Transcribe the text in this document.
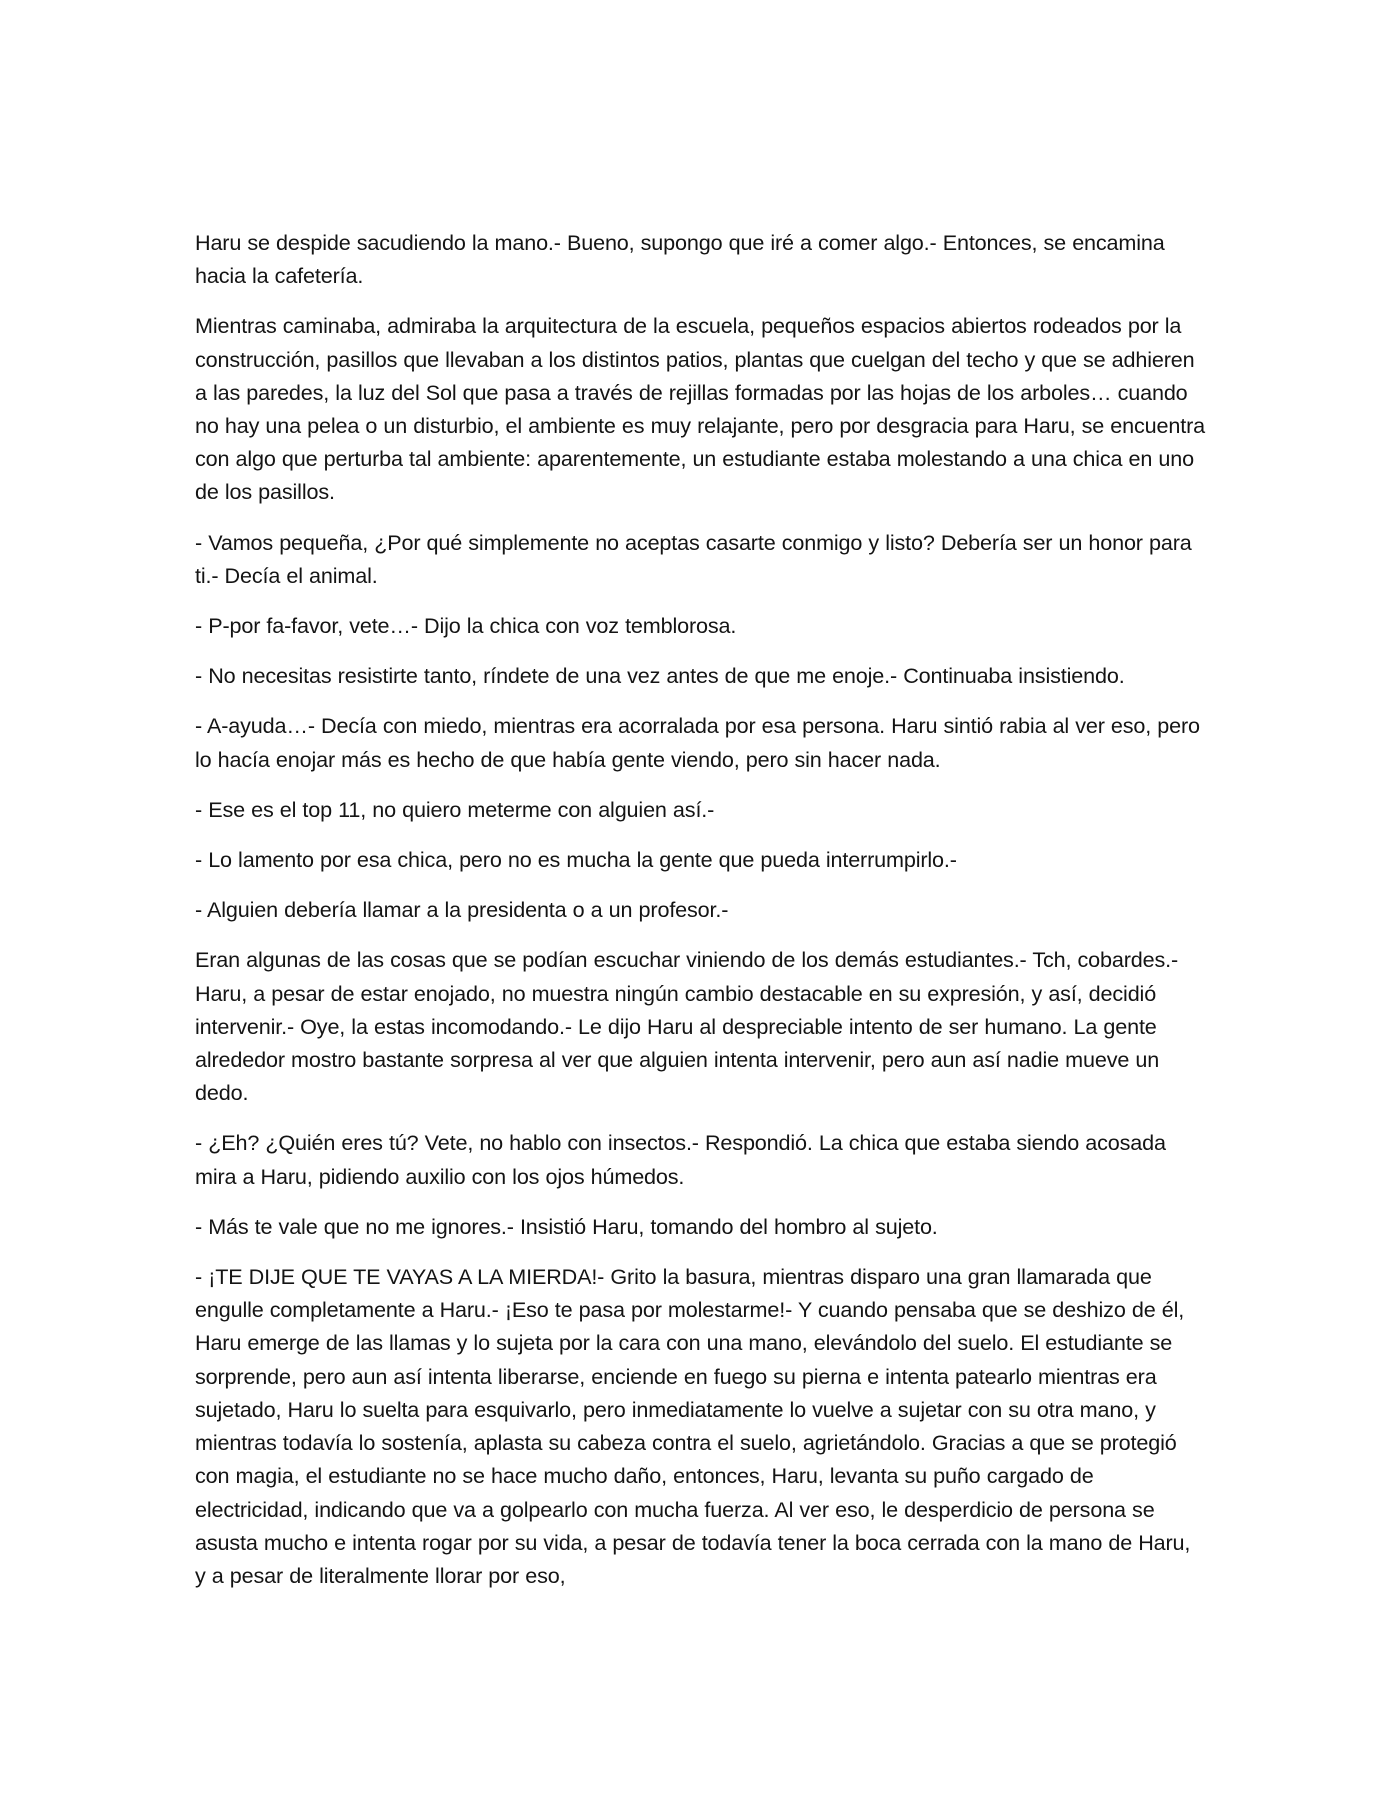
Haru se despide sacudiendo la mano.- Bueno, supongo que iré a comer algo.- Entonces, se encamina hacia la cafetería.

Mientras caminaba, admiraba la arquitectura de la escuela, pequeños espacios abiertos rodeados por la construcción, pasillos que llevaban a los distintos patios, plantas que cuelgan del techo y que se adhieren a las paredes, la luz del Sol que pasa a través de rejillas formadas por las hojas de los arboles… cuando no hay una pelea o un disturbio, el ambiente es muy relajante, pero por desgracia para Haru, se encuentra con algo que perturba tal ambiente: aparentemente, un estudiante estaba molestando a una chica en uno de los pasillos.

- Vamos pequeña, ¿Por qué simplemente no aceptas casarte conmigo y listo? Debería ser un honor para ti.- Decía el animal.

- P-por fa-favor, vete…- Dijo la chica con voz temblorosa.

- No necesitas resistirte tanto, ríndete de una vez antes de que me enoje.- Continuaba insistiendo.

- A-ayuda…- Decía con miedo, mientras era acorralada por esa persona. Haru sintió rabia al ver eso, pero lo hacía enojar más es hecho de que había gente viendo, pero sin hacer nada.

- Ese es el top 11, no quiero meterme con alguien así.-

- Lo lamento por esa chica, pero no es mucha la gente que pueda interrumpirlo.-

- Alguien debería llamar a la presidenta o a un profesor.-

Eran algunas de las cosas que se podían escuchar viniendo de los demás estudiantes.- Tch, cobardes.- Haru, a pesar de estar enojado, no muestra ningún cambio destacable en su expresión, y así, decidió intervenir.- Oye, la estas incomodando.- Le dijo Haru al despreciable intento de ser humano. La gente alrededor mostro bastante sorpresa al ver que alguien intenta intervenir, pero aun así nadie mueve un dedo.

- ¿Eh? ¿Quién eres tú? Vete, no hablo con insectos.- Respondió. La chica que estaba siendo acosada mira a Haru, pidiendo auxilio con los ojos húmedos.

- Más te vale que no me ignores.- Insistió Haru, tomando del hombro al sujeto.

- ¡TE DIJE QUE TE VAYAS A LA MIERDA!- Grito la basura, mientras disparo una gran llamarada que engulle completamente a Haru.- ¡Eso te pasa por molestarme!- Y cuando pensaba que se deshizo de él, Haru emerge de las llamas y lo sujeta por la cara con una mano, elevándolo del suelo. El estudiante se sorprende, pero aun así intenta liberarse, enciende en fuego su pierna e intenta patearlo mientras era sujetado, Haru lo suelta para esquivarlo, pero inmediatamente lo vuelve a sujetar con su otra mano, y mientras todavía lo sostenía, aplasta su cabeza contra el suelo, agrietándolo. Gracias a que se protegió con magia, el estudiante no se hace mucho daño, entonces, Haru, levanta su puño cargado de electricidad, indicando que va a golpearlo con mucha fuerza. Al ver eso, le desperdicio de persona se asusta mucho e intenta rogar por su vida, a pesar de todavía tener la boca cerrada con la mano de Haru, y a pesar de literalmente llorar por eso,
